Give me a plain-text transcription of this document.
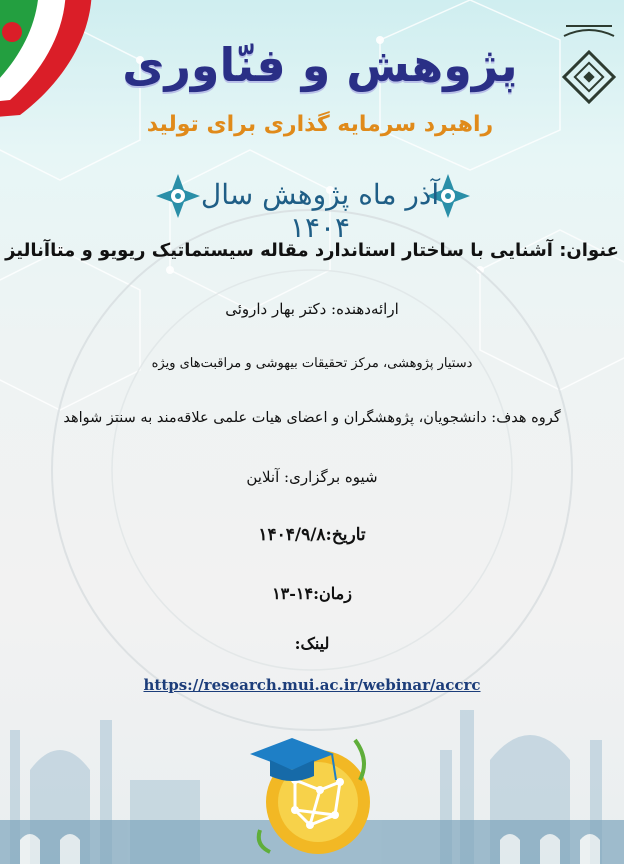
پژوهش و فنّاوری
راهبرد سرمایه گذاری برای تولید
آذر ماه پژوهش سال ۱۴۰۴
عنوان: آشنایی با ساختار استاندارد مقاله سیستماتیک ریویو و متاآنالیز
ارائه‌دهنده: دکتر بهار داروئی
دستیار پژوهشی، مرکز تحقیقات بیهوشی و مراقبت‌های ویژه
گروه هدف: دانشجویان، پژوهشگران و اعضای هیات علمی علاقه‌مند به سنتز شواهد
شیوه برگزاری: آنلاین
تاریخ:۱۴۰۴/۹/۸
زمان:۱۴-۱۳
لینک:
https://research.mui.ac.ir/webinar/accrc
